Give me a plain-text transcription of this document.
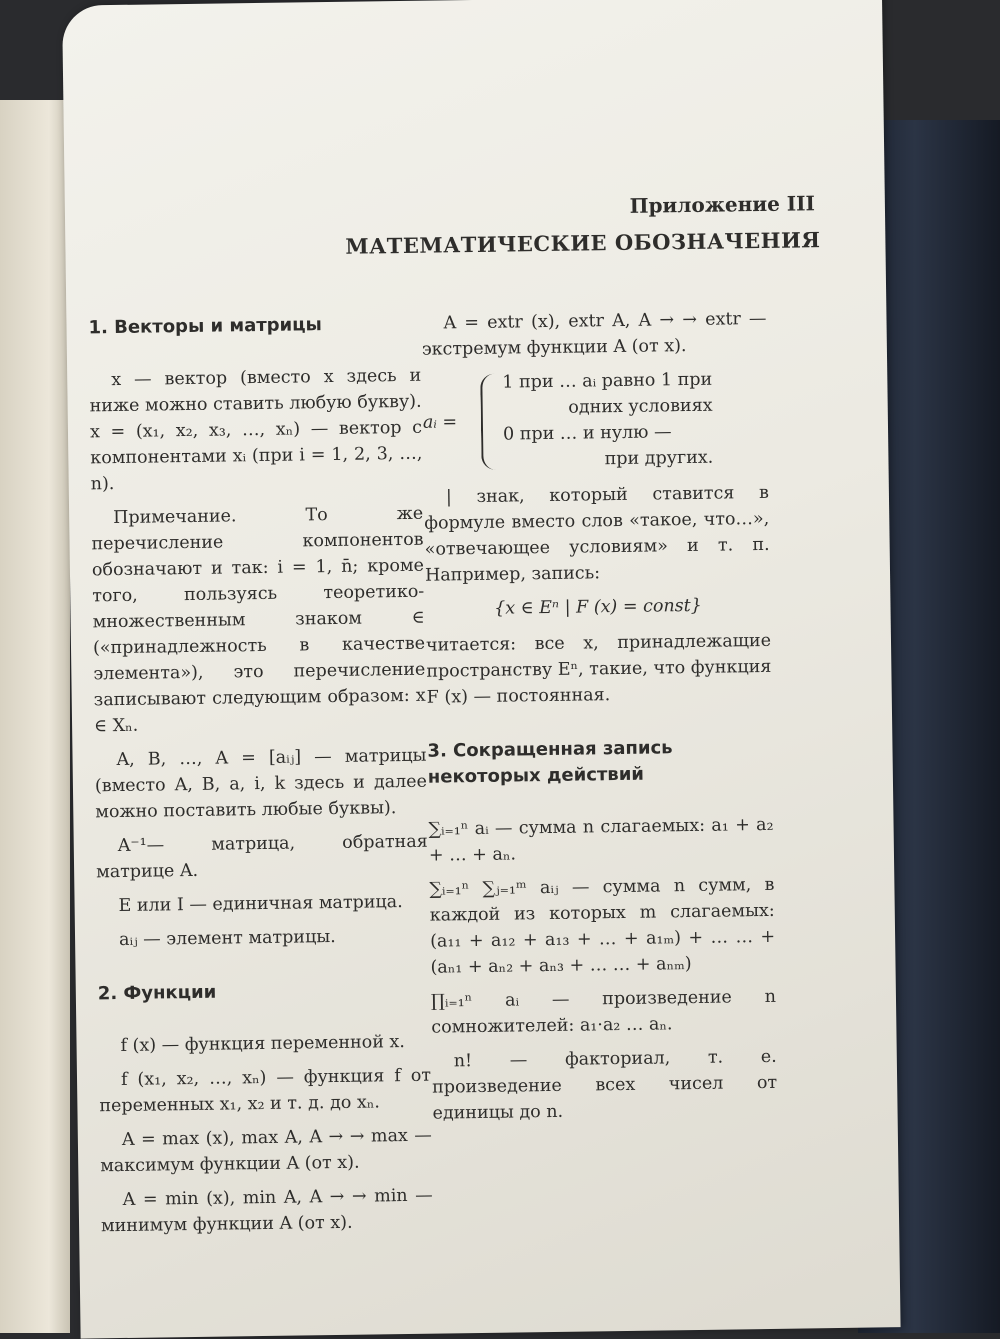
Приложение III
МАТЕМАТИЧЕСКИЕ ОБОЗНАЧЕНИЯ
1. Векторы и матрицы
x — вектор (вместо x здесь и ниже можно ставить любую букву). x = (x₁, x₂, x₃, …, xₙ) — вектор с компонентами xᵢ (при i = 1, 2, 3, …, n).
Примечание. То же перечисление компонентов обозначают и так: i = 1, n̄; кроме того, пользуясь теоретико-множественным знаком ∈ («принадлежность в качестве элемента»), это перечисление записывают следующим образом: x ∈ Xₙ.
A, B, …, A = [aᵢⱼ] — матрицы (вместо A, B, a, i, k здесь и далее можно поставить любые буквы).
A⁻¹— матрица, обратная матрице A.
E или I — единичная матрица.
aᵢⱼ — элемент матрицы.
2. Функции
f (x) — функция переменной x.
f (x₁, x₂, …, xₙ) — функция f от переменных x₁, x₂ и т. д. до xₙ.
A = max (x), max A, A → → max — максимум функции A (от x).
A = min (x), min A, A → → min — минимум функции A (от x).
A = extr (x), extr A, A → → extr — экстремум функции A (от x).
aᵢ =
1 при … aᵢ равно 1 при
одних условиях
0 при … и нулю —
при других.
| знак, который ставится в формуле вместо слов «такое, что…», «отвечающее условиям» и т. п. Например, запись:
{x ∈ Eⁿ | F (x) = const}
читается: все x, принадлежащие пространству Eⁿ, такие, что функция F (x) — постоянная.
3. Сокращенная запись некоторых действий
∑ᵢ₌₁ⁿ aᵢ — сумма n слагаемых: a₁ + a₂ + … + aₙ.
∑ᵢ₌₁ⁿ ∑ⱼ₌₁ᵐ aᵢⱼ — сумма n сумм, в каждой из которых m слагаемых: (a₁₁ + a₁₂ + a₁₃ + … + a₁ₘ) + … … + (aₙ₁ + aₙ₂ + aₙ₃ + … … + aₙₘ)
∏ᵢ₌₁ⁿ aᵢ — произведение n сомножителей: a₁·a₂ … aₙ.
n! — факториал, т. е. произведение всех чисел от единицы до n.
